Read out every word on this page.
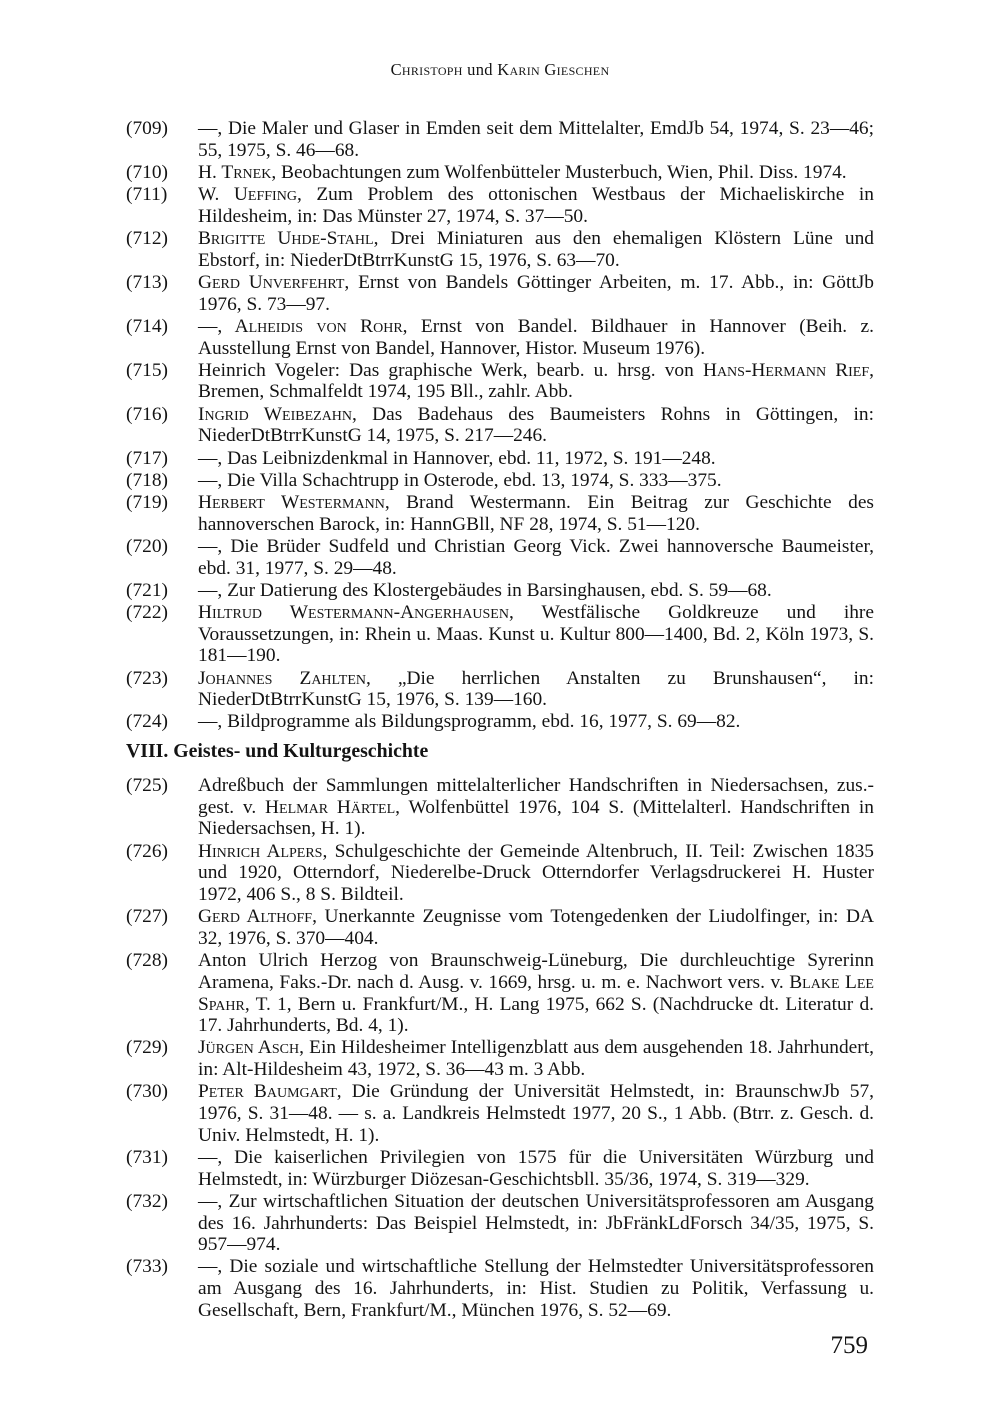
Christoph und Karin Gieschen
(709) —, Die Maler und Glaser in Emden seit dem Mittelalter, EmdJb 54, 1974, S. 23—46; 55, 1975, S. 46—68.
(710) H. Trnek, Beobachtungen zum Wolfenbütteler Musterbuch, Wien, Phil. Diss. 1974.
(711) W. Ueffing, Zum Problem des ottonischen Westbaus der Michaeliskirche in Hildesheim, in: Das Münster 27, 1974, S. 37—50.
(712) Brigitte Uhde-Stahl, Drei Miniaturen aus den ehemaligen Klöstern Lüne und Ebstorf, in: NiederDtBtrrKunstG 15, 1976, S. 63—70.
(713) Gerd Unverfehrt, Ernst von Bandels Göttinger Arbeiten, m. 17. Abb., in: GöttJb 1976, S. 73—97.
(714) —, Alheidis von Rohr, Ernst von Bandel. Bildhauer in Hannover (Beih. z. Ausstellung Ernst von Bandel, Hannover, Histor. Museum 1976).
(715) Heinrich Vogeler: Das graphische Werk, bearb. u. hrsg. von Hans-Hermann Rief, Bremen, Schmalfeldt 1974, 195 Bll., zahlr. Abb.
(716) Ingrid Weibezahn, Das Badehaus des Baumeisters Rohns in Göttingen, in: NiederDtBtrrKunstG 14, 1975, S. 217—246.
(717) —, Das Leibnizdenkmal in Hannover, ebd. 11, 1972, S. 191—248.
(718) —, Die Villa Schachtrupp in Osterode, ebd. 13, 1974, S. 333—375.
(719) Herbert Westermann, Brand Westermann. Ein Beitrag zur Geschichte des hannoverschen Barock, in: HannGBll, NF 28, 1974, S. 51—120.
(720) —, Die Brüder Sudfeld und Christian Georg Vick. Zwei hannoversche Baumeister, ebd. 31, 1977, S. 29—48.
(721) —, Zur Datierung des Klostergebäudes in Barsinghausen, ebd. S. 59—68.
(722) Hiltrud Westermann-Angerhausen, Westfälische Goldkreuze und ihre Voraussetzungen, in: Rhein u. Maas. Kunst u. Kultur 800—1400, Bd. 2, Köln 1973, S. 181—190.
(723) Johannes Zahlten, „Die herrlichen Anstalten zu Brunshausen“, in: NiederDtBtrrKunstG 15, 1976, S. 139—160.
(724) —, Bildprogramme als Bildungsprogramm, ebd. 16, 1977, S. 69—82.
VIII. Geistes- und Kulturgeschichte
(725) Adreßbuch der Sammlungen mittelalterlicher Handschriften in Niedersachsen, zus.-gest. v. Helmar Härtel, Wolfenbüttel 1976, 104 S. (Mittelalterl. Handschriften in Niedersachsen, H. 1).
(726) Hinrich Alpers, Schulgeschichte der Gemeinde Altenbruch, II. Teil: Zwischen 1835 und 1920, Otterndorf, Niederelbe-Druck Otterndorfer Verlagsdruckerei H. Huster 1972, 406 S., 8 S. Bildteil.
(727) Gerd Althoff, Unerkannte Zeugnisse vom Totengedenken der Liudolfinger, in: DA 32, 1976, S. 370—404.
(728) Anton Ulrich Herzog von Braunschweig-Lüneburg, Die durchleuchtige Syrerinn Aramena, Faks.-Dr. nach d. Ausg. v. 1669, hrsg. u. m. e. Nachwort vers. v. Blake Lee Spahr, T. 1, Bern u. Frankfurt/M., H. Lang 1975, 662 S. (Nachdrucke dt. Literatur d. 17. Jahrhunderts, Bd. 4, 1).
(729) Jürgen Asch, Ein Hildesheimer Intelligenzblatt aus dem ausgehenden 18. Jahrhundert, in: Alt-Hildesheim 43, 1972, S. 36—43 m. 3 Abb.
(730) Peter Baumgart, Die Gründung der Universität Helmstedt, in: BraunschwJb 57, 1976, S. 31—48. — s. a. Landkreis Helmstedt 1977, 20 S., 1 Abb. (Btrr. z. Gesch. d. Univ. Helmstedt, H. 1).
(731) —, Die kaiserlichen Privilegien von 1575 für die Universitäten Würzburg und Helmstedt, in: Würzburger Diözesan-Geschichtsbll. 35/36, 1974, S. 319—329.
(732) —, Zur wirtschaftlichen Situation der deutschen Universitätsprofessoren am Ausgang des 16. Jahrhunderts: Das Beispiel Helmstedt, in: JbFränkLdForsch 34/35, 1975, S. 957—974.
(733) —, Die soziale und wirtschaftliche Stellung der Helmstedter Universitätsprofessoren am Ausgang des 16. Jahrhunderts, in: Hist. Studien zu Politik, Verfassung u. Gesellschaft, Bern, Frankfurt/M., München 1976, S. 52—69.
759
